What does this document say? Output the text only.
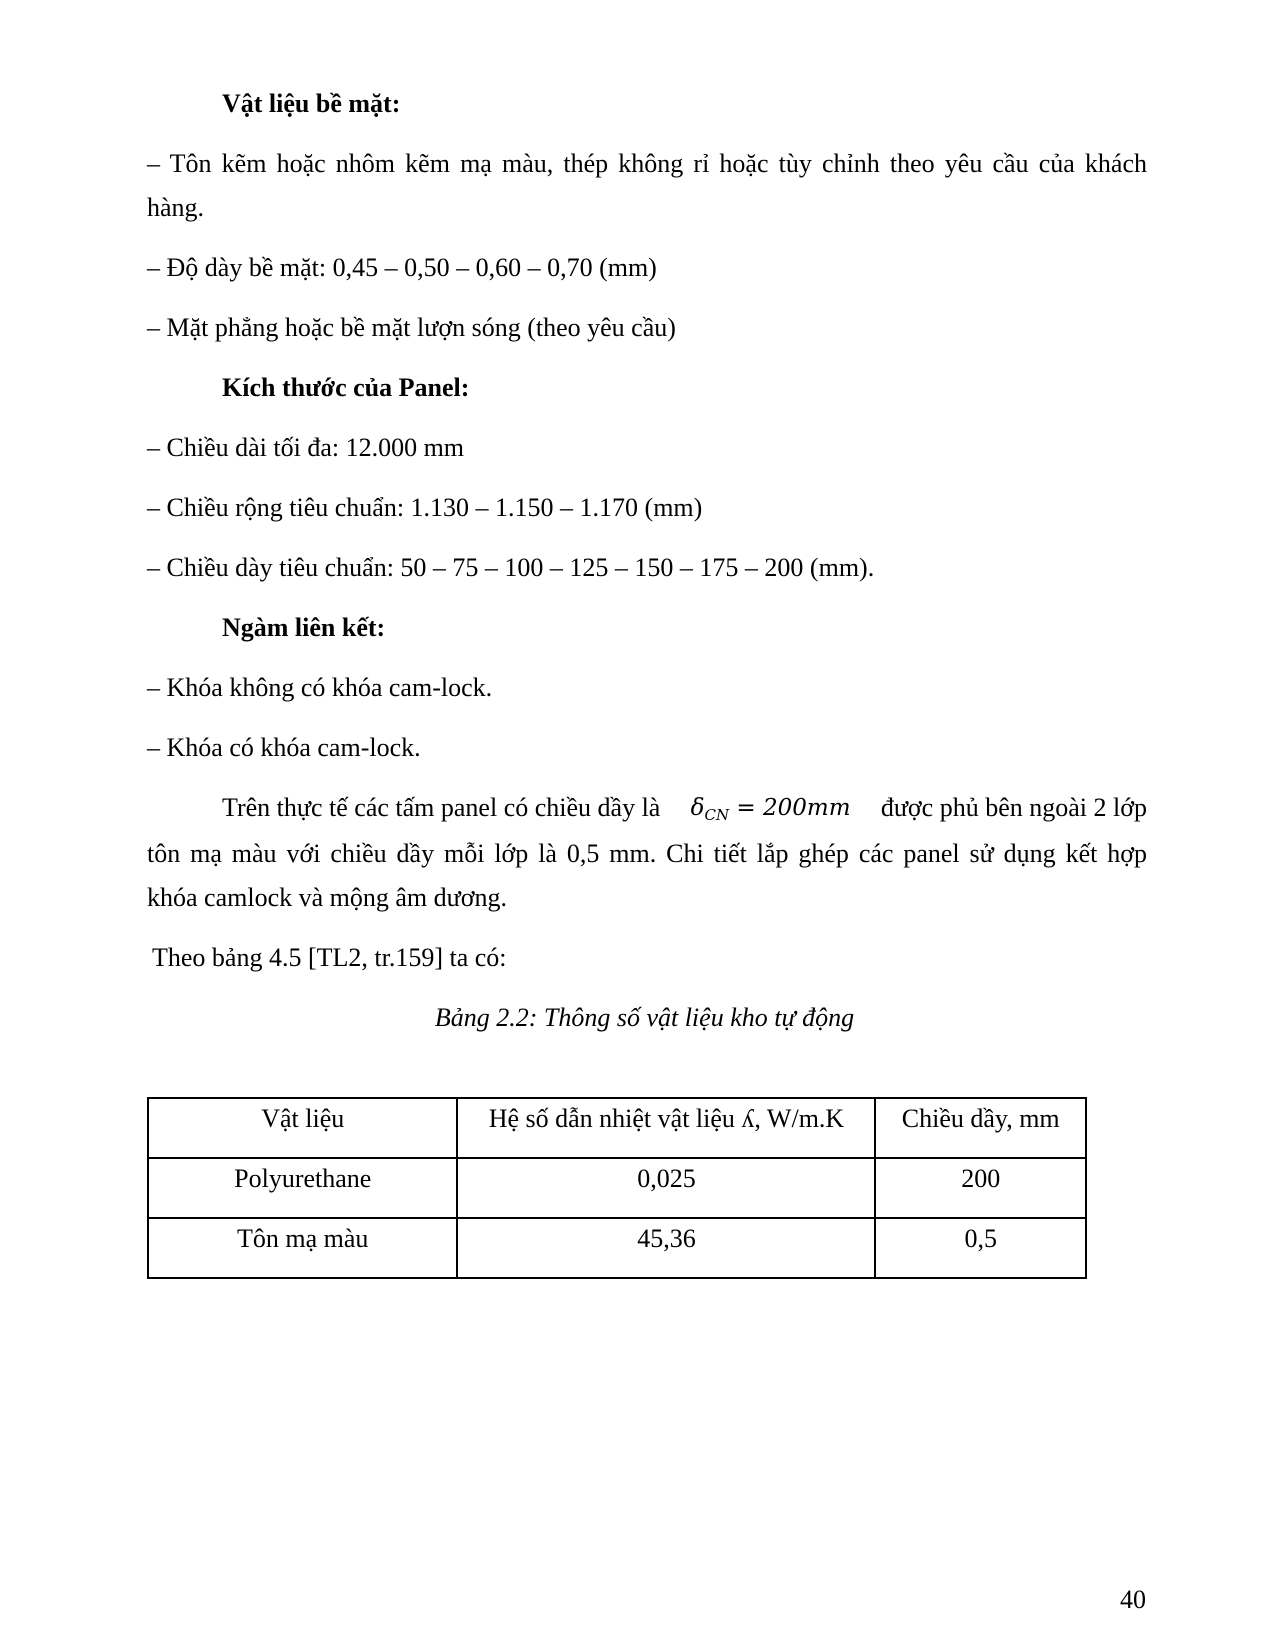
Vật liệu bề mặt:
– Tôn kẽm hoặc nhôm kẽm mạ màu, thép không rỉ hoặc tùy chỉnh theo yêu cầu của khách
hàng.
– Độ dày bề mặt: 0,45 – 0,50 – 0,60 – 0,70 (mm)
– Mặt phẳng hoặc bề mặt lượn sóng (theo yêu cầu)
Kích thước của Panel:
– Chiều dài tối đa: 12.000 mm
– Chiều rộng tiêu chuẩn: 1.130 – 1.150 – 1.170 (mm)
– Chiều dày tiêu chuẩn: 50 – 75 – 100 – 125 – 150 – 175 – 200 (mm).
Ngàm liên kết:
– Khóa không có khóa cam-lock.
– Khóa có khóa cam-lock.
Trên thực tế các tấm panel có chiều dầy là $\delta_{CN} = 200mm$ được phủ bên ngoài 2 lớp
tôn mạ màu với chiều dầy mỗi lớp là 0,5 mm. Chi tiết lắp ghép các panel sử dụng kết hợp
khóa camlock và mộng âm dương.
Theo bảng 4.5 [TL2, tr.159] ta có:
Bảng 2.2: Thông số vật liệu kho tự động
Vật liệu	Hệ số dẫn nhiệt vật liệu ʎ, W/m.K	Chiều dầy, mm
Polyurethane	0,025	200
Tôn mạ màu	45,36	0,5
40
